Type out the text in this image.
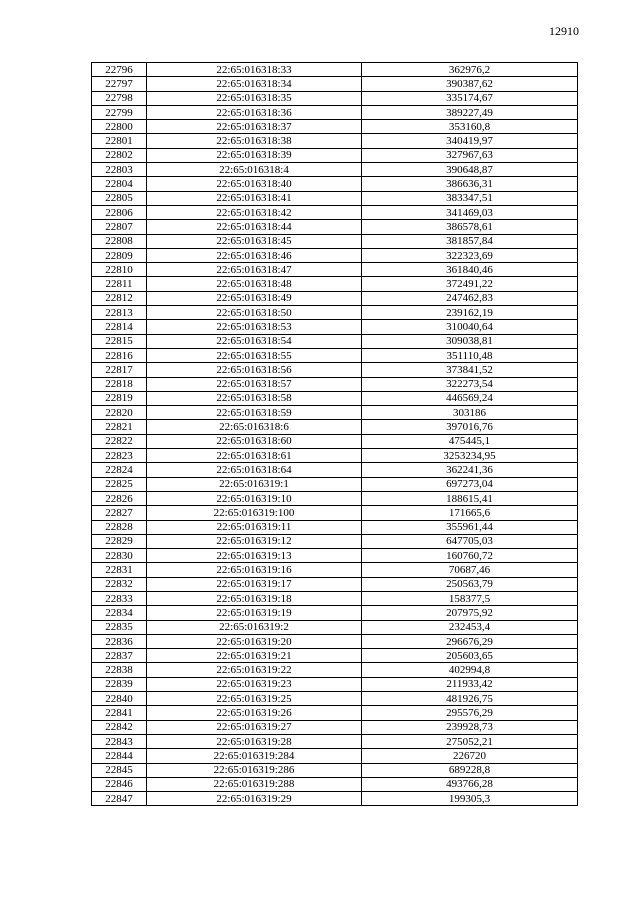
12910
22796	22:65:016318:33	362976,2
22797	22:65:016318:34	390387,62
22798	22:65:016318:35	335174,67
22799	22:65:016318:36	389227,49
22800	22:65:016318:37	353160,8
22801	22:65:016318:38	340419,97
22802	22:65:016318:39	327967,63
22803	22:65:016318:4	390648,87
22804	22:65:016318:40	386636,31
22805	22:65:016318:41	383347,51
22806	22:65:016318:42	341469,03
22807	22:65:016318:44	386578,61
22808	22:65:016318:45	381857,84
22809	22:65:016318:46	322323,69
22810	22:65:016318:47	361840,46
22811	22:65:016318:48	372491,22
22812	22:65:016318:49	247462,83
22813	22:65:016318:50	239162,19
22814	22:65:016318:53	310040,64
22815	22:65:016318:54	309038,81
22816	22:65:016318:55	351110,48
22817	22:65:016318:56	373841,52
22818	22:65:016318:57	322273,54
22819	22:65:016318:58	446569,24
22820	22:65:016318:59	303186
22821	22:65:016318:6	397016,76
22822	22:65:016318:60	475445,1
22823	22:65:016318:61	3253234,95
22824	22:65:016318:64	362241,36
22825	22:65:016319:1	697273,04
22826	22:65:016319:10	188615,41
22827	22:65:016319:100	171665,6
22828	22:65:016319:11	355961,44
22829	22:65:016319:12	647705,03
22830	22:65:016319:13	160760,72
22831	22:65:016319:16	70687,46
22832	22:65:016319:17	250563,79
22833	22:65:016319:18	158377,5
22834	22:65:016319:19	207975,92
22835	22:65:016319:2	232453,4
22836	22:65:016319:20	296676,29
22837	22:65:016319:21	205603,65
22838	22:65:016319:22	402994,8
22839	22:65:016319:23	211933,42
22840	22:65:016319:25	481926,75
22841	22:65:016319:26	295576,29
22842	22:65:016319:27	239928,73
22843	22:65:016319:28	275052,21
22844	22:65:016319:284	226720
22845	22:65:016319:286	689228,8
22846	22:65:016319:288	493766,28
22847	22:65:016319:29	199305,3
